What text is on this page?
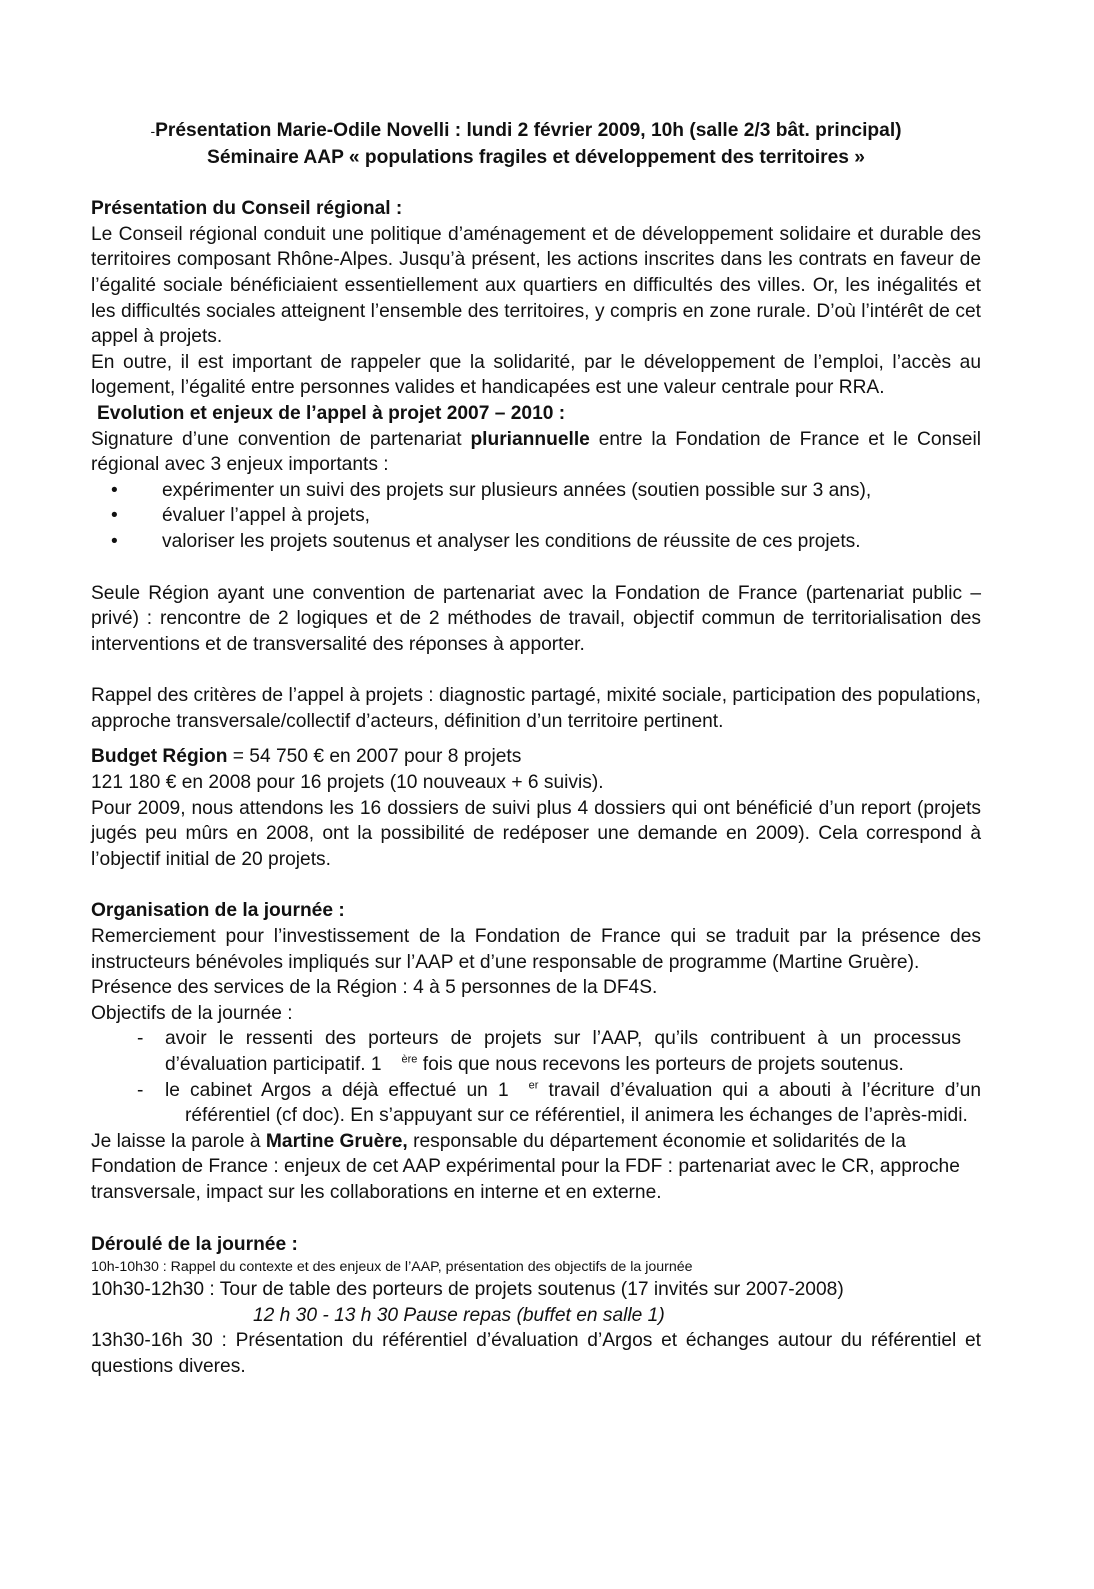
-Présentation Marie-Odile Novelli : lundi 2 février 2009, 10h (salle 2/3 bât. principal)

Séminaire AAP « populations fragiles et développement des territoires »

Présentation du Conseil régional :

Le Conseil régional conduit une politique d’aménagement et de développement solidaire et durable des territoires composant Rhône-Alpes. Jusqu’à présent, les actions inscrites dans les contrats en faveur de l’égalité sociale bénéficiaient essentiellement aux quartiers en difficultés des villes. Or, les inégalités et les difficultés sociales atteignent l’ensemble des territoires, y compris en zone rurale. D’où l’intérêt de cet appel à projets.

En outre, il est important de rappeler que la solidarité, par le développement de l’emploi, l’accès au logement, l’égalité entre personnes valides et handicapées est une valeur centrale pour RRA.

Evolution et enjeux de l’appel à projet 2007 – 2010 :

Signature d’une convention de partenariat pluriannuelle entre la Fondation de France et le Conseil régional avec 3 enjeux importants :

• expérimenter un suivi des projets sur plusieurs années (soutien possible sur 3 ans),
• évaluer l’appel à projets,
• valoriser les projets soutenus et analyser les conditions de réussite de ces projets.

Seule Région ayant une convention de partenariat avec la Fondation de France (partenariat public – privé) : rencontre de 2 logiques et de 2 méthodes de travail, objectif commun de territorialisation des interventions et de transversalité des réponses à apporter.

Rappel des critères de l’appel à projets : diagnostic partagé, mixité sociale, participation des populations, approche transversale/collectif d’acteurs, définition d’un territoire pertinent.

Budget Région = 54 750 € en 2007 pour 8 projets

121 180 € en 2008 pour 16 projets (10 nouveaux + 6 suivis).

Pour 2009, nous attendons les 16 dossiers de suivi plus 4 dossiers qui ont bénéficié d’un report (projets jugés peu mûrs en 2008, ont la possibilité de redéposer une demande en 2009). Cela correspond à l’objectif initial de 20 projets.

Organisation de la journée :

Remerciement pour l’investissement de la Fondation de France qui se traduit par la présence des instructeurs bénévoles impliqués sur l’AAP et d’une responsable de programme (Martine Gruère).

Présence des services de la Région : 4 à 5 personnes de la DF4S.

Objectifs de la journée :

- avoir le ressenti des porteurs de projets sur l’AAP, qu’ils contribuent à un processus d’évaluation participatif. 1 $^{ère}$ fois que nous recevons les porteurs de projets soutenus.
- le cabinet Argos a déjà effectué un 1 $^{er}$ travail d’évaluation qui a abouti à l’écriture d’un référentiel (cf doc). En s’appuyant sur ce référentiel, il animera les échanges de l’après-midi.

Je laisse la parole à Martine Gruère, responsable du département économie et solidarités de la Fondation de France : enjeux de cet AAP expérimental pour la FDF : partenariat avec le CR, approche transversale, impact sur les collaborations en interne et en externe.

Déroulé de la journée :

10h-10h30 : Rappel du contexte et des enjeux de l’AAP, présentation des objectifs de la journée

10h30-12h30 : Tour de table des porteurs de projets soutenus (17 invités sur 2007-2008)

12 h 30 - 13 h 30 Pause repas (buffet en salle 1)

13h30-16h 30 : Présentation du référentiel d’évaluation d’Argos et échanges autour du référentiel et questions diveres.
